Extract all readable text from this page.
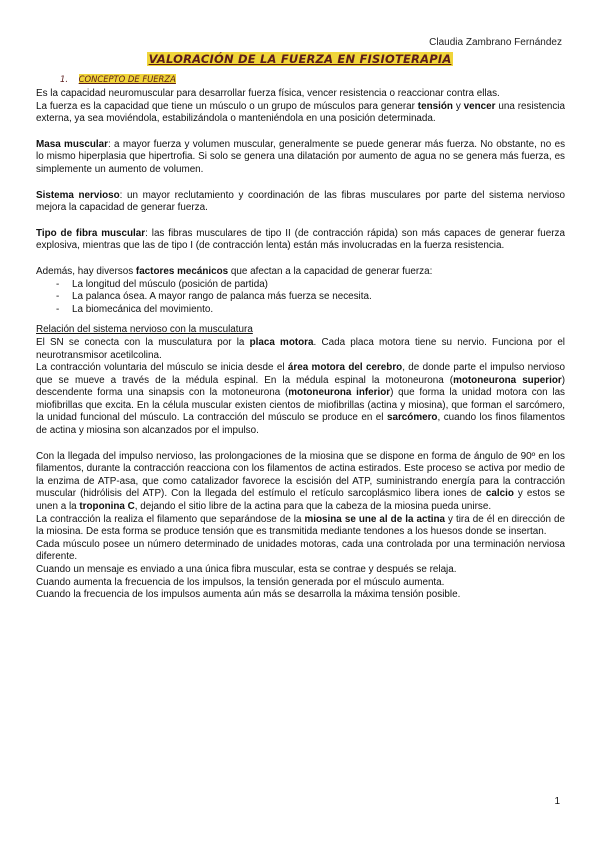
Claudia Zambrano Fernández
VALORACIÓN DE LA FUERZA EN FISIOTERAPIA
1. CONCEPTO DE FUERZA

Es la capacidad neuromuscular para desarrollar fuerza física, vencer resistencia o reaccionar contra ellas.

La fuerza es la capacidad que tiene un músculo o un grupo de músculos para generar tensión y vencer una resistencia externa, ya sea moviéndola, estabilizándola o manteniéndola en una posición determinada.

Masa muscular: a mayor fuerza y volumen muscular, generalmente se puede generar más fuerza. No obstante, no es lo mismo hiperplasia que hipertrofia. Si solo se genera una dilatación por aumento de agua no se genera más fuerza, es simplemente un aumento de volumen.

Sistema nervioso: un mayor reclutamiento y coordinación de las fibras musculares por parte del sistema nervioso mejora la capacidad de generar fuerza.

Tipo de fibra muscular: las fibras musculares de tipo II (de contracción rápida) son más capaces de generar fuerza explosiva, mientras que las de tipo I (de contracción lenta) están más involucradas en la fuerza resistencia.

Además, hay diversos factores mecánicos que afectan a la capacidad de generar fuerza:

- La longitud del músculo (posición de partida)
- La palanca ósea. A mayor rango de palanca más fuerza se necesita.
- La biomecánica del movimiento.

Relación del sistema nervioso con la musculatura

El SN se conecta con la musculatura por la placa motora. Cada placa motora tiene su nervio. Funciona por el neurotransmisor acetilcolina.

La contracción voluntaria del músculo se inicia desde el área motora del cerebro, de donde parte el impulso nervioso que se mueve a través de la médula espinal. En la médula espinal la motoneurona (motoneurona superior) descendente forma una sinapsis con la motoneurona (motoneurona inferior) que forma la unidad motora con las miofibrillas que excita. En la célula muscular existen cientos de miofibrillas (actina y miosina), que forman el sarcómero, la unidad funcional del músculo. La contracción del músculo se produce en el sarcómero, cuando los finos filamentos de actina y miosina son alcanzados por el impulso.

Con la llegada del impulso nervioso, las prolongaciones de la miosina que se dispone en forma de ángulo de 90º en los filamentos, durante la contracción reacciona con los filamentos de actina estirados. Este proceso se activa por medio de la enzima de ATP-asa, que como catalizador favorece la escisión del ATP, suministrando energía para la contracción muscular (hidrólisis del ATP). Con la llegada del estímulo el retículo sarcoplásmico libera iones de calcio y estos se unen a la troponina C, dejando el sitio libre de la actina para que la cabeza de la miosina pueda unirse.

La contracción la realiza el filamento que separándose de la miosina se une al de la actina y tira de él en dirección de la miosina. De esta forma se produce tensión que es transmitida mediante tendones a los huesos donde se insertan.

Cada músculo posee un número determinado de unidades motoras, cada una controlada por una terminación nerviosa diferente.

Cuando un mensaje es enviado a una única fibra muscular, esta se contrae y después se relaja.

Cuando aumenta la frecuencia de los impulsos, la tensión generada por el músculo aumenta.

Cuando la frecuencia de los impulsos aumenta aún más se desarrolla la máxima tensión posible.

1
